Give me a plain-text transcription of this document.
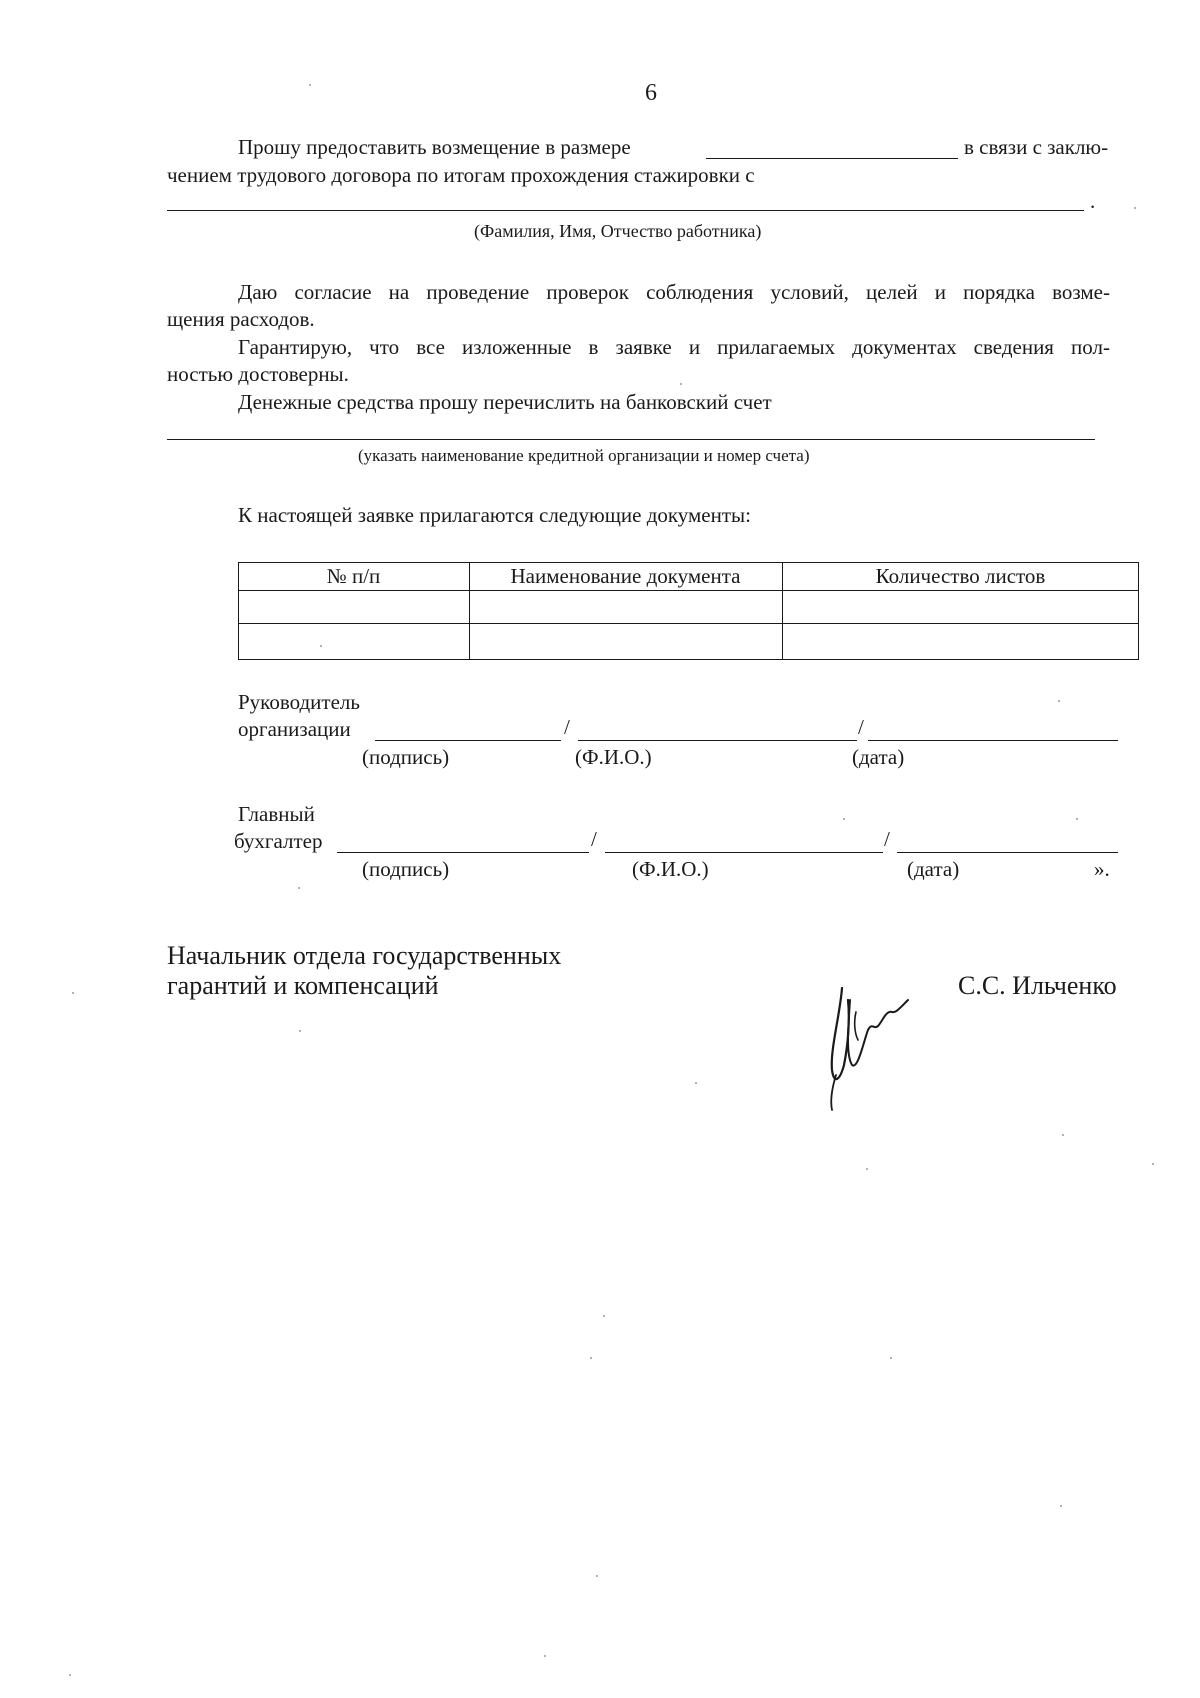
6
Прошу предоставить возмещение в размере	в связи с заклю-
чением трудового договора по итогам прохождения стажировки с
.
(Фамилия, Имя, Отчество работника)
Даю согласие на проведение проверок соблюдения условий, целей и порядка возме-
щения расходов.
Гарантирую, что все изложенные в заявке и прилагаемых документах сведения пол-
ностью достоверны.
Денежные средства прошу перечислить на банковский счет
(указать наименование кредитной организации и номер счета)
К настоящей заявке прилагаются следующие документы:
№ п/п	Наименование документа	Количество листов
Руководитель
организации	/	/
(подпись)	(Ф.И.О.)	(дата)
Главный
бухгалтер	/	/
(подпись)	(Ф.И.О.)	(дата)	».
Начальник отдела государственных
гарантий и компенсаций	С.С. Ильченко
